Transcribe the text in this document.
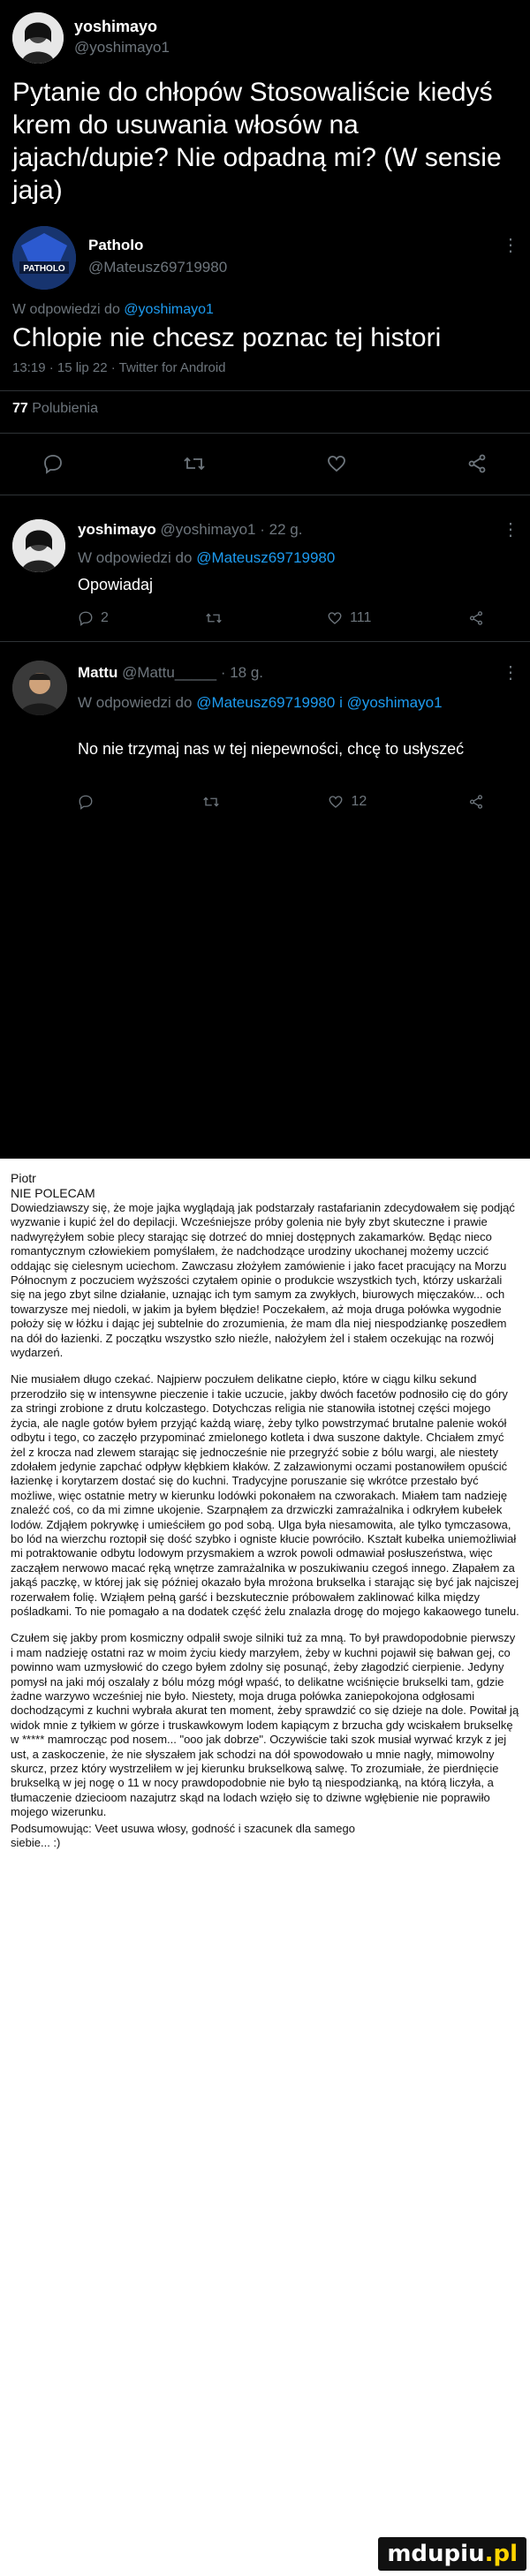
yoshimayo
@yoshimayo1
Pytanie do chłopów Stosowaliście kiedyś krem do usuwania włosów na jajach/dupie? Nie odpadną mi? (W sensie jaja)
PATHOLO
Patholo
@Mateusz69719980
⋮
W odpowiedzi do @yoshimayo1
Chlopie nie chcesz poznac tej histori
13:19 · 15 lip 22 · Twitter for Android
77 Polubienia
yoshimayo @yoshimayo1 · 22 g.	⋮
W odpowiedzi do @Mateusz69719980
Opowiadaj
2	111
Mattu @Mattu_____ · 18 g.	⋮
W odpowiedzi do @Mateusz69719980 i @yoshimayo1
No nie trzymaj nas w tej niepewności, chcę to usłyszeć
12

Piotr

NIE POLECAM

Dowiedziawszy się, że moje jajka wyglądają jak podstarzały rastafarianin zdecydowałem się podjąć wyzwanie i kupić żel do depilacji. Wcześniejsze próby golenia nie były zbyt skuteczne i prawie nadwyrężyłem sobie plecy starając się dotrzeć do mniej dostępnych zakamarków. Będąc nieco romantycznym człowiekiem pomyślałem, że nadchodzące urodziny ukochanej możemy uczcić oddając się cielesnym uciechom. Zawczasu złożyłem zamówienie i jako facet pracujący na Morzu Północnym z poczuciem wyższości czytałem opinie o produkcie wszystkich tych, którzy uskarżali się na jego zbyt silne działanie, uznając ich tym samym za zwykłych, biurowych mięczaków... och towarzysze mej niedoli, w jakim ja byłem błędzie! Poczekałem, aż moja druga połówka wygodnie położy się w łóżku i dając jej subtelnie do zrozumienia, że mam dla niej niespodziankę poszedłem na dół do łazienki. Z początku wszystko szło nieźle, nałożyłem żel i stałem oczekując na rozwój wydarzeń.

Nie musiałem długo czekać. Najpierw poczułem delikatne ciepło, które w ciągu kilku sekund przerodziło się w intensywne pieczenie i takie uczucie, jakby dwóch facetów podnosiło cię do góry za stringi zrobione z drutu kolczastego. Dotychczas religia nie stanowiła istotnej części mojego życia, ale nagle gotów byłem przyjąć każdą wiarę, żeby tylko powstrzymać brutalne palenie wokół odbytu i tego, co zaczęło przypominać zmielonego kotleta i dwa suszone daktyle. Chciałem zmyć żel z krocza nad zlewem starając się jednocześnie nie przegryźć sobie z bólu wargi, ale niestety zdołałem jedynie zapchać odpływ kłębkiem kłaków. Z załzawionymi oczami postanowiłem opuścić łazienkę i korytarzem dostać się do kuchni. Tradycyjne poruszanie się wkrótce przestało być możliwe, więc ostatnie metry w kierunku lodówki pokonałem na czworakach. Miałem tam nadzieję znaleźć coś, co da mi zimne ukojenie. Szarpnąłem za drzwiczki zamrażalnika i odkryłem kubełek lodów. Zdjąłem pokrywkę i umieściłem go pod sobą. Ulga była niesamowita, ale tylko tymczasowa, bo lód na wierzchu roztopił się dość szybko i ogniste kłucie powróciło. Kształt kubełka uniemożliwiał mi potraktowanie odbytu lodowym przysmakiem a wzrok powoli odmawiał posłuszeństwa, więc zacząłem nerwowo macać ręką wnętrze zamrażalnika w poszukiwaniu czegoś innego. Złapałem za jakąś paczkę, w której jak się później okazało była mrożona brukselka i starając się być jak najciszej rozerwałem folię. Wziąłem pełną garść i bezskutecznie próbowałem zaklinować kilka między pośladkami. To nie pomagało a na dodatek część żelu znalazła drogę do mojego kakaowego tunelu.

Czułem się jakby prom kosmiczny odpalił swoje silniki tuż za mną. To był prawdopodobnie pierwszy i mam nadzieję ostatni raz w moim życiu kiedy marzyłem, żeby w kuchni pojawił się bałwan gej, co powinno wam uzmysłowić do czego byłem zdolny się posunąć, żeby złagodzić cierpienie. Jedyny pomysł na jaki mój oszalały z bólu mózg mógł wpaść, to delikatne wciśnięcie brukselki tam, gdzie żadne warzywo wcześniej nie było. Niestety, moja druga połówka zaniepokojona odgłosami dochodzącymi z kuchni wybrała akurat ten moment, żeby sprawdzić co się dzieje na dole. Powitał ją widok mnie z tyłkiem w górze i truskawkowym lodem kapiącym z brzucha gdy wciskałem brukselkę w ***** mamrocząc pod nosem... "ooo jak dobrze". Oczywiście taki szok musiał wyrwać krzyk z jej ust, a zaskoczenie, że nie słyszałem jak schodzi na dół spowodowało u mnie nagły, mimowolny skurcz, przez który wystrzeliłem w jej kierunku brukselkową salwę. To zrozumiałe, że pierdnięcie brukselką w jej nogę o 11 w nocy prawdopodobnie nie było tą niespodzianką, na którą liczyła, a tłumaczenie dziecioom nazajutrz skąd na lodach wzięło się to dziwne wgłębienie nie poprawiło mojego wizerunku.

Podsumowując: Veet usuwa włosy, godność i szacunek dla samego siebie... :)

mdupiu.pl
